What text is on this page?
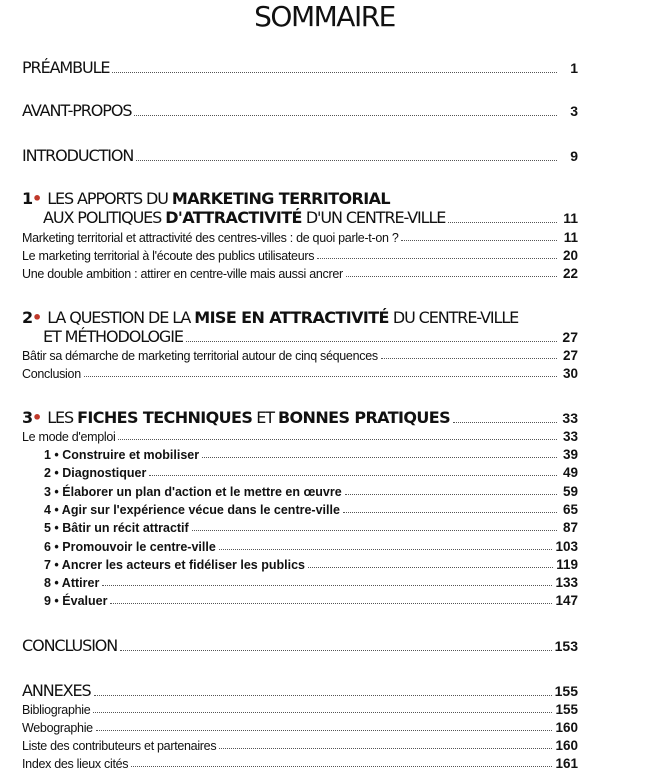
SOMMAIRE
PRÉAMBULE	1
AVANT-PROPOS	3
INTRODUCTION	9
1• LES APPORTS DU MARKETING TERRITORIAL
AUX POLITIQUES D'ATTRACTIVITÉ D'UN CENTRE-VILLE	11
Marketing territorial et attractivité des centres-villes : de quoi parle-t-on ?	11
Le marketing territorial à l'écoute des publics utilisateurs	20
Une double ambition : attirer en centre-ville mais aussi ancrer	22
2• LA QUESTION DE LA MISE EN ATTRACTIVITÉ DU CENTRE-VILLE
ET MÉTHODOLOGIE	27
Bâtir sa démarche de marketing territorial autour de cinq séquences	27
Conclusion	30
3• LES FICHES TECHNIQUES ET BONNES PRATIQUES	33
Le mode d'emploi	33
1 • Construire et mobiliser	39
2 • Diagnostiquer	49
3 • Élaborer un plan d'action et le mettre en œuvre	59
4 • Agir sur l'expérience vécue dans le centre-ville	65
5 • Bâtir un récit attractif	87
6 • Promouvoir le centre-ville	103
7 • Ancrer les acteurs et fidéliser les publics	119
8 • Attirer	133
9 • Évaluer	147
CONCLUSION	153
ANNEXES	155
Bibliographie	155
Webographie	160
Liste des contributeurs et partenaires	160
Index des lieux cités	161
